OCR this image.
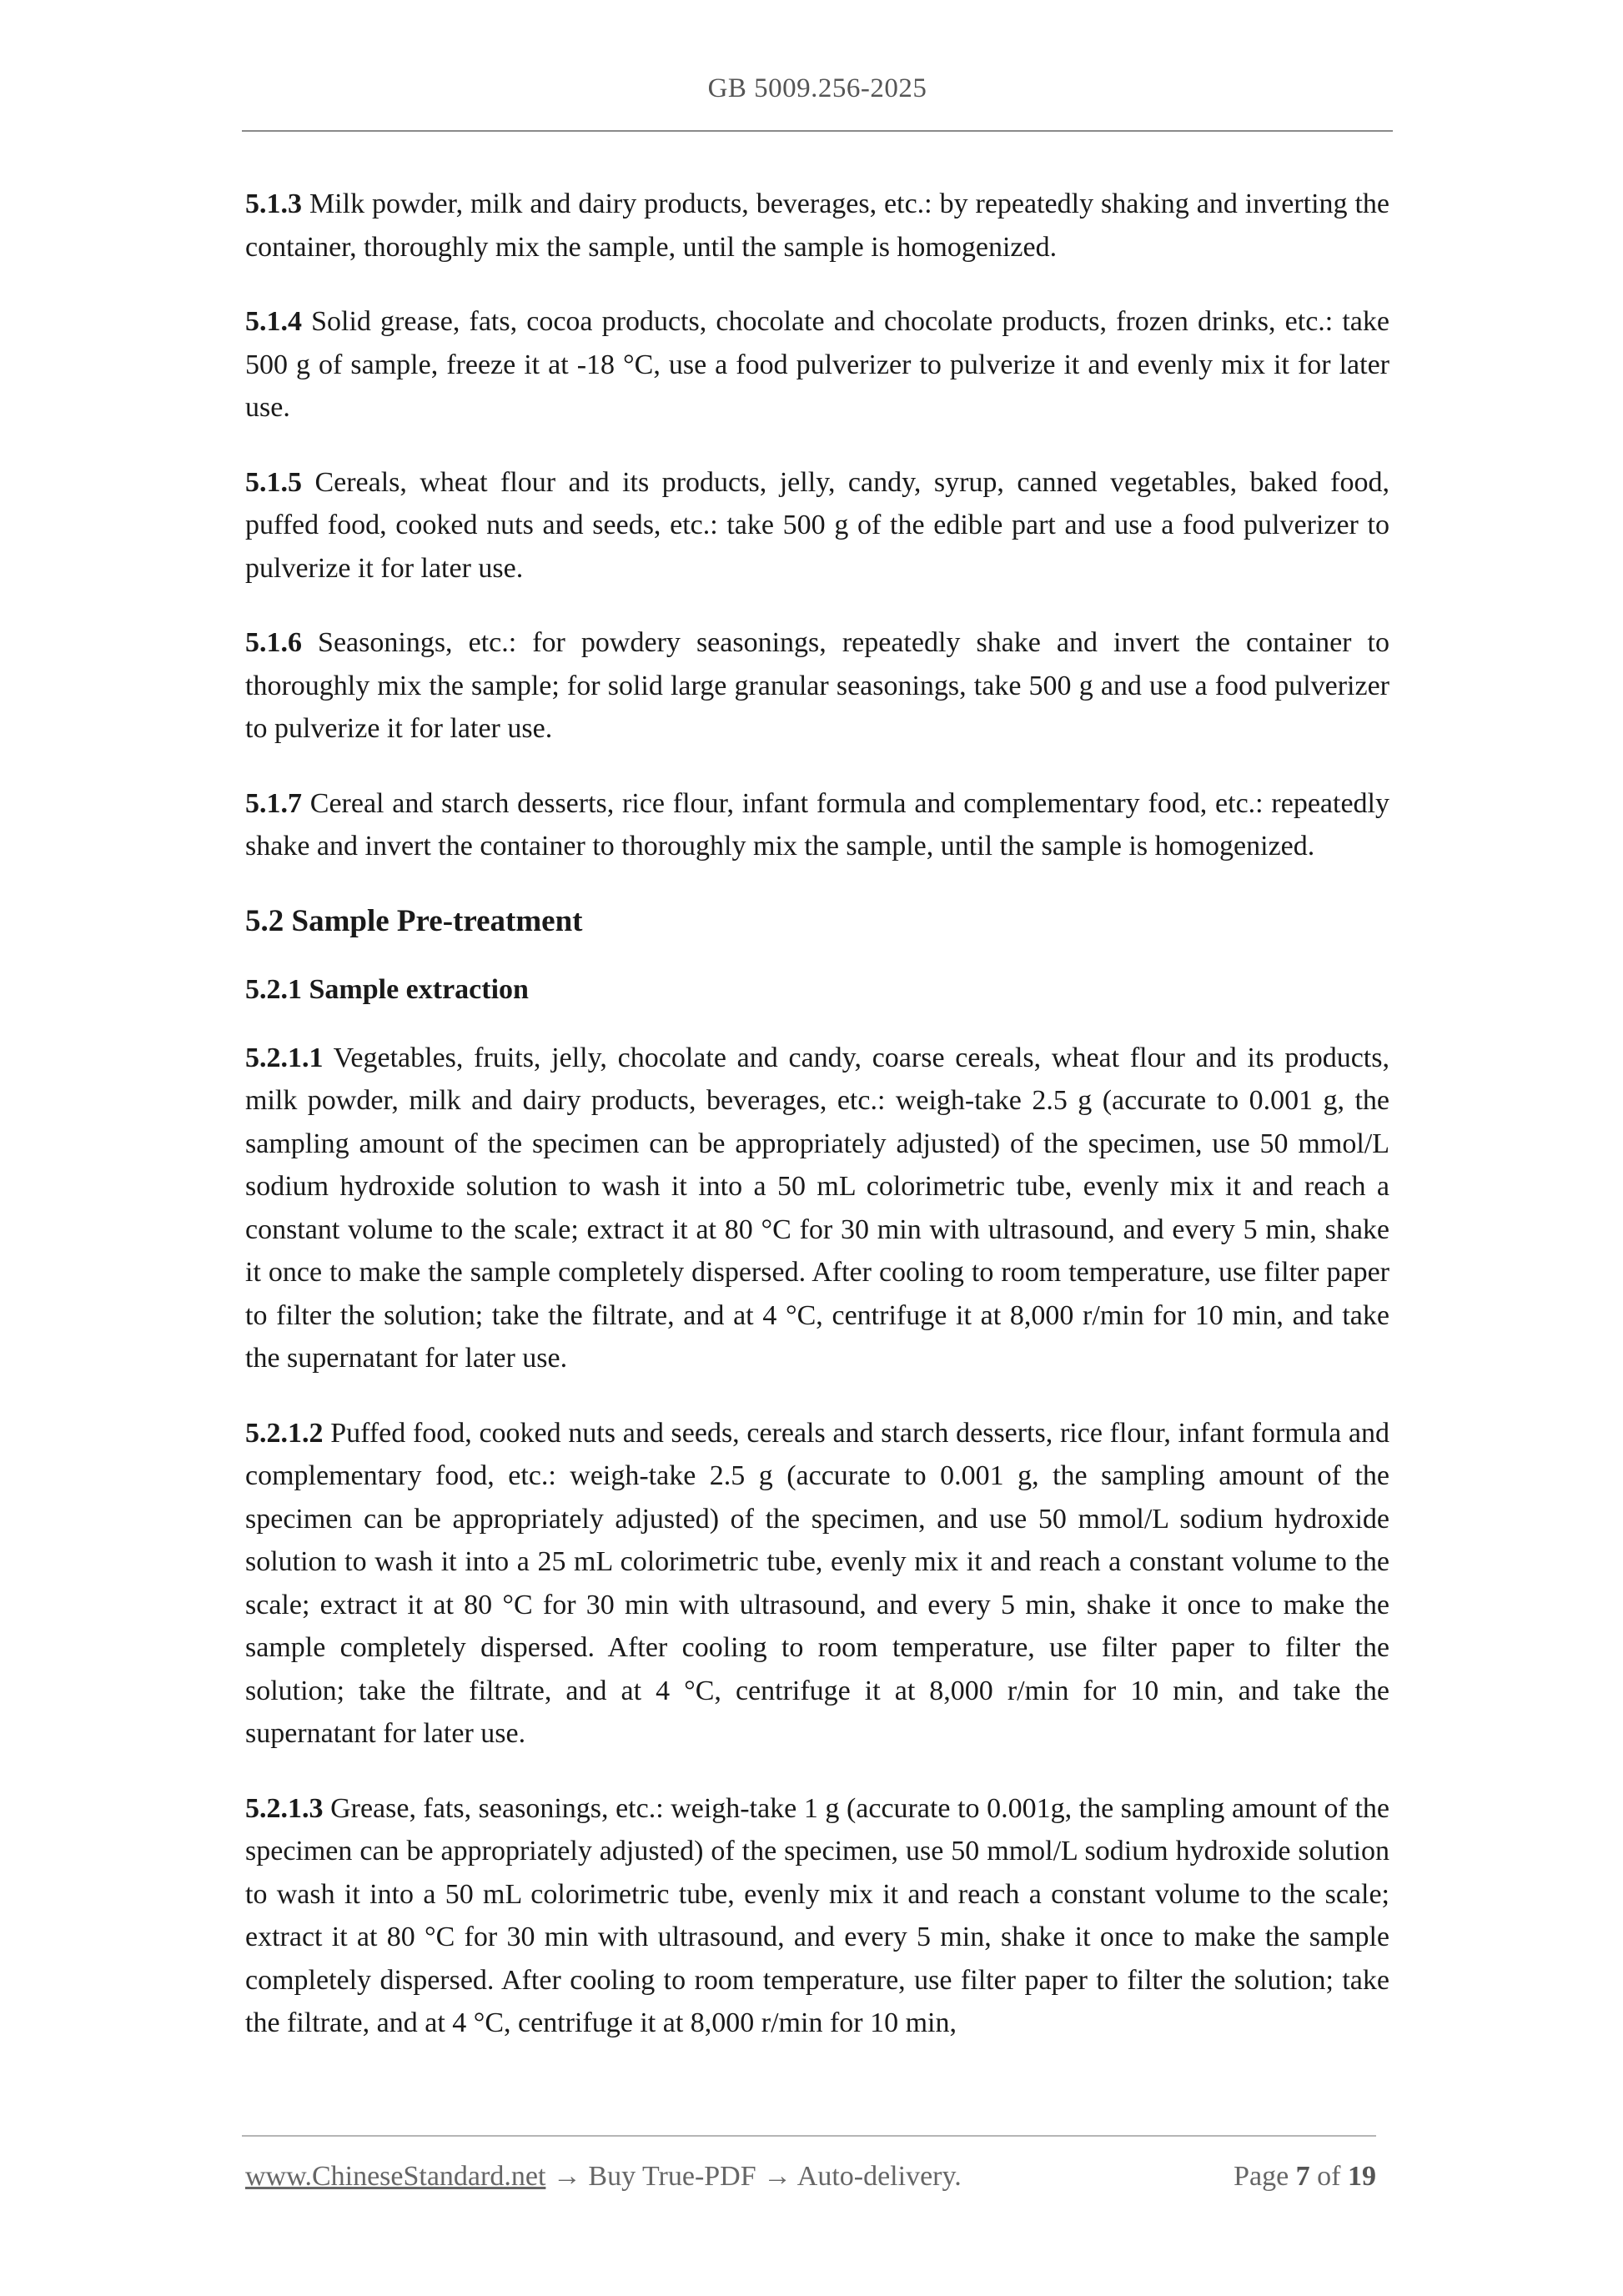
GB 5009.256-2025

5.1.3 Milk powder, milk and dairy products, beverages, etc.: by repeatedly shaking and inverting the container, thoroughly mix the sample, until the sample is homogenized.

5.1.4 Solid grease, fats, cocoa products, chocolate and chocolate products, frozen drinks, etc.: take 500 g of sample, freeze it at -18 °C, use a food pulverizer to pulverize it and evenly mix it for later use.

5.1.5 Cereals, wheat flour and its products, jelly, candy, syrup, canned vegetables, baked food, puffed food, cooked nuts and seeds, etc.: take 500 g of the edible part and use a food pulverizer to pulverize it for later use.

5.1.6 Seasonings, etc.: for powdery seasonings, repeatedly shake and invert the container to thoroughly mix the sample; for solid large granular seasonings, take 500 g and use a food pulverizer to pulverize it for later use.

5.1.7 Cereal and starch desserts, rice flour, infant formula and complementary food, etc.: repeatedly shake and invert the container to thoroughly mix the sample, until the sample is homogenized.

5.2 Sample Pre-treatment

5.2.1 Sample extraction

5.2.1.1 Vegetables, fruits, jelly, chocolate and candy, coarse cereals, wheat flour and its products, milk powder, milk and dairy products, beverages, etc.: weigh-take 2.5 g (accurate to 0.001 g, the sampling amount of the specimen can be appropriately adjusted) of the specimen, use 50 mmol/L sodium hydroxide solution to wash it into a 50 mL colorimetric tube, evenly mix it and reach a constant volume to the scale; extract it at 80 °C for 30 min with ultrasound, and every 5 min, shake it once to make the sample completely dispersed. After cooling to room temperature, use filter paper to filter the solution; take the filtrate, and at 4 °C, centrifuge it at 8,000 r/min for 10 min, and take the supernatant for later use.

5.2.1.2 Puffed food, cooked nuts and seeds, cereals and starch desserts, rice flour, infant formula and complementary food, etc.: weigh-take 2.5 g (accurate to 0.001 g, the sampling amount of the specimen can be appropriately adjusted) of the specimen, and use 50 mmol/L sodium hydroxide solution to wash it into a 25 mL colorimetric tube, evenly mix it and reach a constant volume to the scale; extract it at 80 °C for 30 min with ultrasound, and every 5 min, shake it once to make the sample completely dispersed. After cooling to room temperature, use filter paper to filter the solution; take the filtrate, and at 4 °C, centrifuge it at 8,000 r/min for 10 min, and take the supernatant for later use.

5.2.1.3 Grease, fats, seasonings, etc.: weigh-take 1 g (accurate to 0.001g, the sampling amount of the specimen can be appropriately adjusted) of the specimen, use 50 mmol/L sodium hydroxide solution to wash it into a 50 mL colorimetric tube, evenly mix it and reach a constant volume to the scale; extract it at 80 °C for 30 min with ultrasound, and every 5 min, shake it once to make the sample completely dispersed. After cooling to room temperature, use filter paper to filter the solution; take the filtrate, and at 4 °C, centrifuge it at 8,000 r/min for 10 min,

www.ChineseStandard.net → Buy True-PDF → Auto-delivery.	Page 7 of 19
